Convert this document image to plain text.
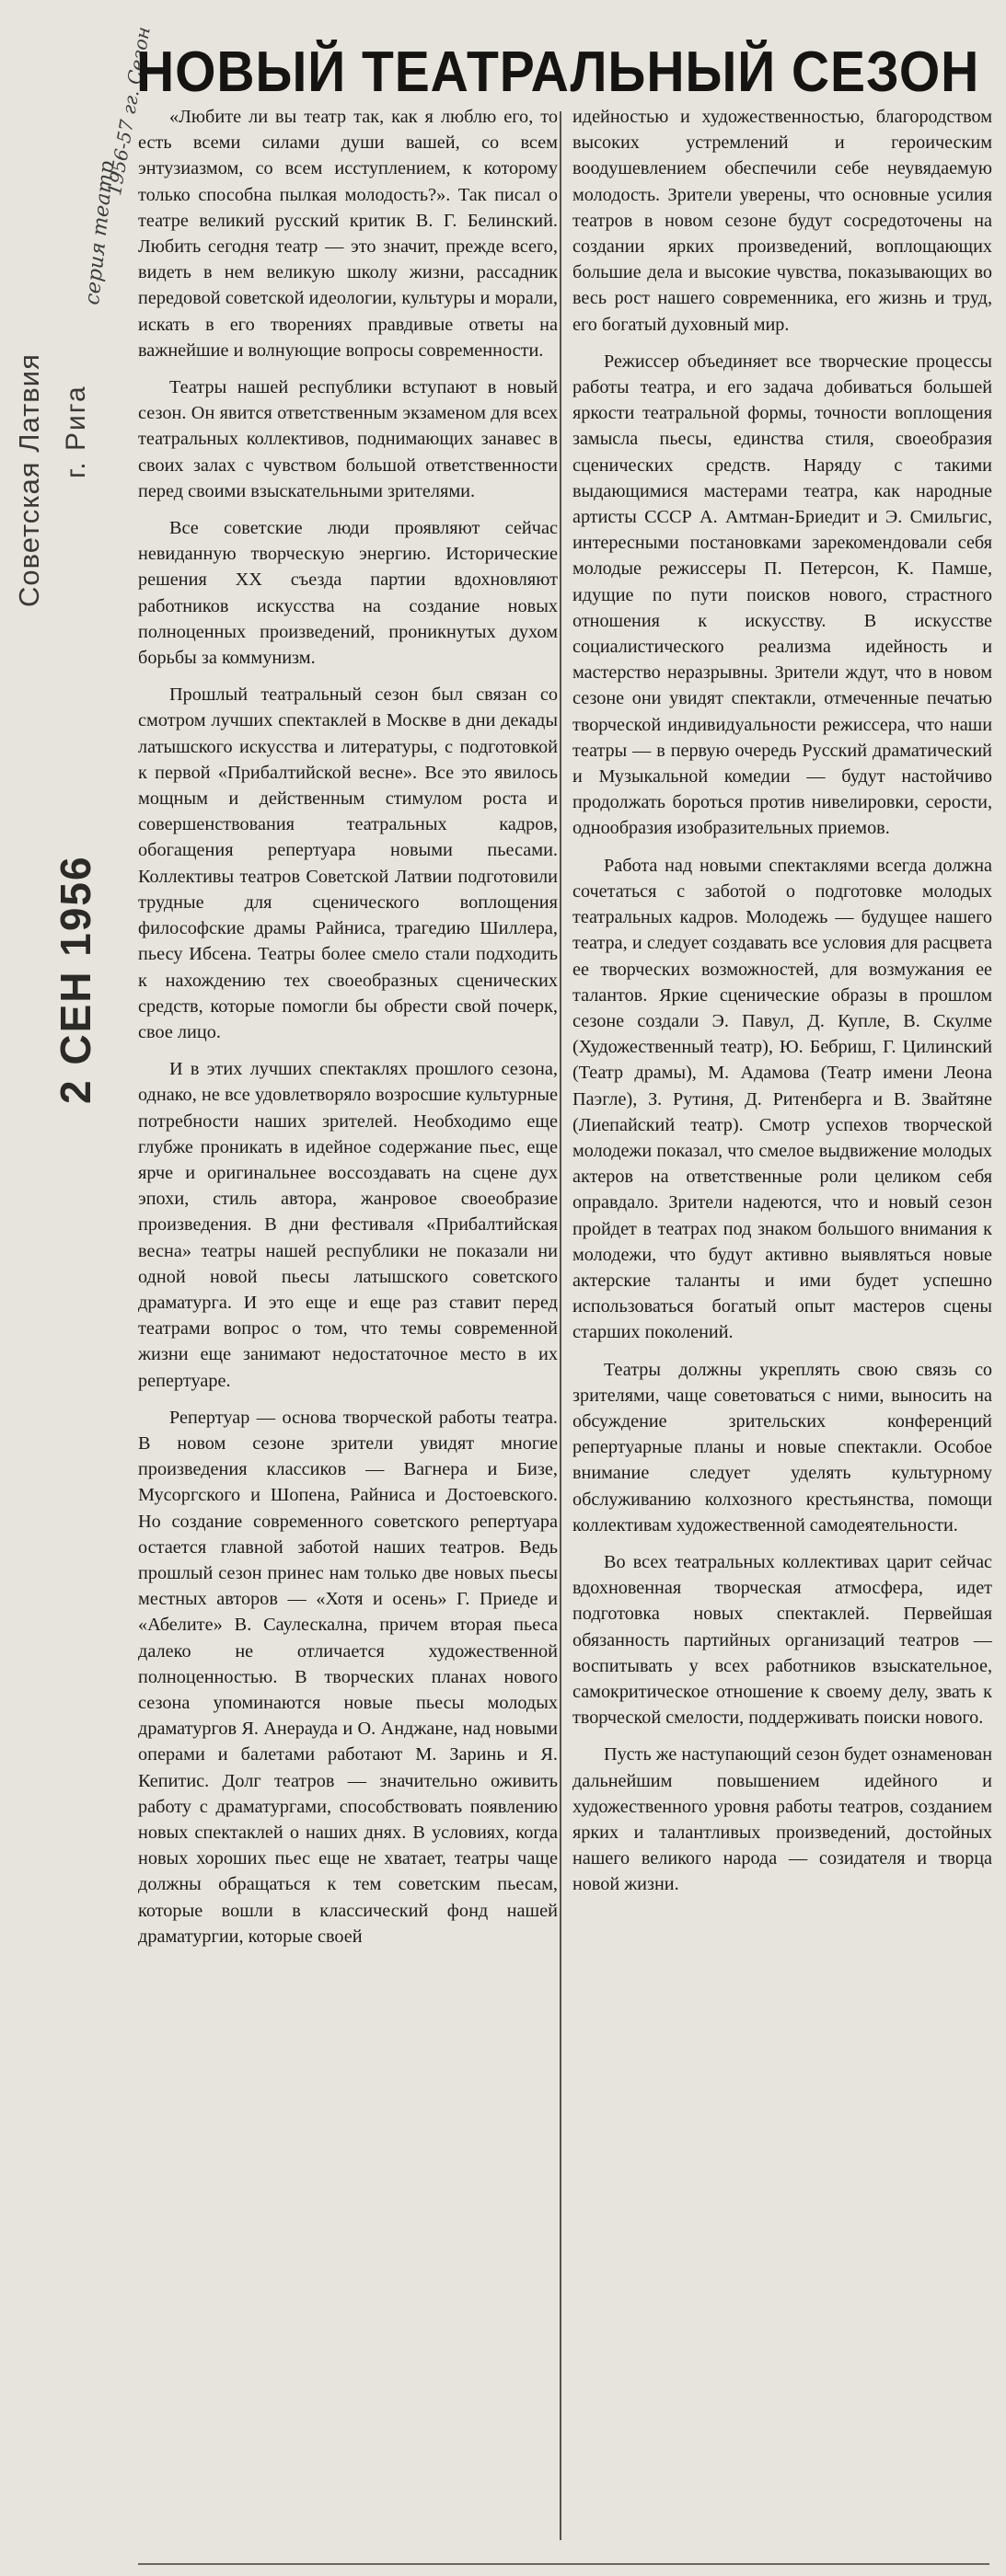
Советская Латвия г. Рига
2 СЕН 1956
серия театр
1956-57 гг. Сезон
НОВЫЙ ТЕАТРАЛЬНЫЙ СЕЗОН

«Любите ли вы театр так, как я люблю его, то есть всеми силами души вашей, со всем энтузиазмом, со всем исступлением, к которому только способна пылкая молодость?». Так писал о театре великий русский критик В. Г. Белинский. Любить сегодня театр — это значит, прежде всего, видеть в нем великую школу жизни, рассадник передовой советской идеологии, культуры и морали, искать в его творениях правдивые ответы на важнейшие и волнующие вопросы современности.

Театры нашей республики вступают в новый сезон. Он явится ответственным экзаменом для всех театральных коллективов, поднимающих занавес в своих залах с чувством большой ответственности перед своими взыскательными зрителями.

Все советские люди проявляют сейчас невиданную творческую энергию. Исторические решения XX съезда партии вдохновляют работников искусства на создание новых полноценных произведений, проникнутых духом борьбы за коммунизм.

Прошлый театральный сезон был связан со смотром лучших спектаклей в Москве в дни декады латышского искусства и литературы, с подготовкой к первой «Прибалтийской весне». Все это явилось мощным и действенным стимулом роста и совершенствования театральных кадров, обогащения репертуара новыми пьесами. Коллективы театров Советской Латвии подготовили трудные для сценического воплощения философские драмы Райниса, трагедию Шиллера, пьесу Ибсена. Театры более смело стали подходить к нахождению тех своеобразных сценических средств, которые помогли бы обрести свой почерк, свое лицо.

И в этих лучших спектаклях прошлого сезона, однако, не все удовлетворяло возросшие культурные потребности наших зрителей. Необходимо еще глубже проникать в идейное содержание пьес, еще ярче и оригинальнее воссоздавать на сцене дух эпохи, стиль автора, жанровое своеобразие произведения. В дни фестиваля «Прибалтийская весна» театры нашей республики не показали ни одной новой пьесы латышского советского драматурга. И это еще и еще раз ставит перед театрами вопрос о том, что темы современной жизни еще занимают недостаточное место в их репертуаре.

Репертуар — основа творческой работы театра. В новом сезоне зрители увидят многие произведения классиков — Вагнера и Бизе, Мусоргского и Шопена, Райниса и Достоевского. Но создание современного советского репертуара остается главной заботой наших театров. Ведь прошлый сезон принес нам только две новых пьесы местных авторов — «Хотя и осень» Г. Приеде и «Абелите» В. Саулескална, причем вторая пьеса далеко не отличается художественной полноценностью. В творческих планах нового сезона упоминаются новые пьесы молодых драматургов Я. Анерауда и О. Анджане, над новыми операми и балетами работают М. Заринь и Я. Кепитис. Долг театров — значительно оживить работу с драматургами, способствовать появлению новых спектаклей о наших днях. В условиях, когда новых хороших пьес еще не хватает, театры чаще должны обращаться к тем советским пьесам, которые вошли в классический фонд нашей драматургии, которые своей

идейностью и художественностью, благородством высоких устремлений и героическим воодушевлением обеспечили себе неувядаемую молодость. Зрители уверены, что основные усилия театров в новом сезоне будут сосредоточены на создании ярких произведений, воплощающих большие дела и высокие чувства, показывающих во весь рост нашего современника, его жизнь и труд, его богатый духовный мир.

Режиссер объединяет все творческие процессы работы театра, и его задача добиваться большей яркости театральной формы, точности воплощения замысла пьесы, единства стиля, своеобразия сценических средств. Наряду с такими выдающимися мастерами театра, как народные артисты СССР А. Амтман-Бриедит и Э. Смильгис, интересными постановками зарекомендовали себя молодые режиссеры П. Петерсон, К. Памше, идущие по пути поисков нового, страстного отношения к искусству. В искусстве социалистического реализма идейность и мастерство неразрывны. Зрители ждут, что в новом сезоне они увидят спектакли, отмеченные печатью творческой индивидуальности режиссера, что наши театры — в первую очередь Русский драматический и Музыкальной комедии — будут настойчиво продолжать бороться против нивелировки, серости, однообразия изобразительных приемов.

Работа над новыми спектаклями всегда должна сочетаться с заботой о подготовке молодых театральных кадров. Молодежь — будущее нашего театра, и следует создавать все условия для расцвета ее творческих возможностей, для возмужания ее талантов. Яркие сценические образы в прошлом сезоне создали Э. Павул, Д. Купле, В. Скулме (Художественный театр), Ю. Бебриш, Г. Цилинский (Театр драмы), М. Адамова (Театр имени Леона Паэгле), З. Рутиня, Д. Ритенберга и В. Звайтяне (Лиепайский театр). Смотр успехов творческой молодежи показал, что смелое выдвижение молодых актеров на ответственные роли целиком себя оправдало. Зрители надеются, что и новый сезон пройдет в театрах под знаком большого внимания к молодежи, что будут активно выявляться новые актерские таланты и ими будет успешно использоваться богатый опыт мастеров сцены старших поколений.

Театры должны укреплять свою связь со зрителями, чаще советоваться с ними, выносить на обсуждение зрительских конференций репертуарные планы и новые спектакли. Особое внимание следует уделять культурному обслуживанию колхозного крестьянства, помощи коллективам художественной самодеятельности.

Во всех театральных коллективах царит сейчас вдохновенная творческая атмосфера, идет подготовка новых спектаклей. Первейшая обязанность партийных организаций театров — воспитывать у всех работников взыскательное, самокритическое отношение к своему делу, звать к творческой смелости, поддерживать поиски нового.

Пусть же наступающий сезон будет ознаменован дальнейшим повышением идейного и художественного уровня работы театров, созданием ярких и талантливых произведений, достойных нашего великого народа — созидателя и творца новой жизни.
